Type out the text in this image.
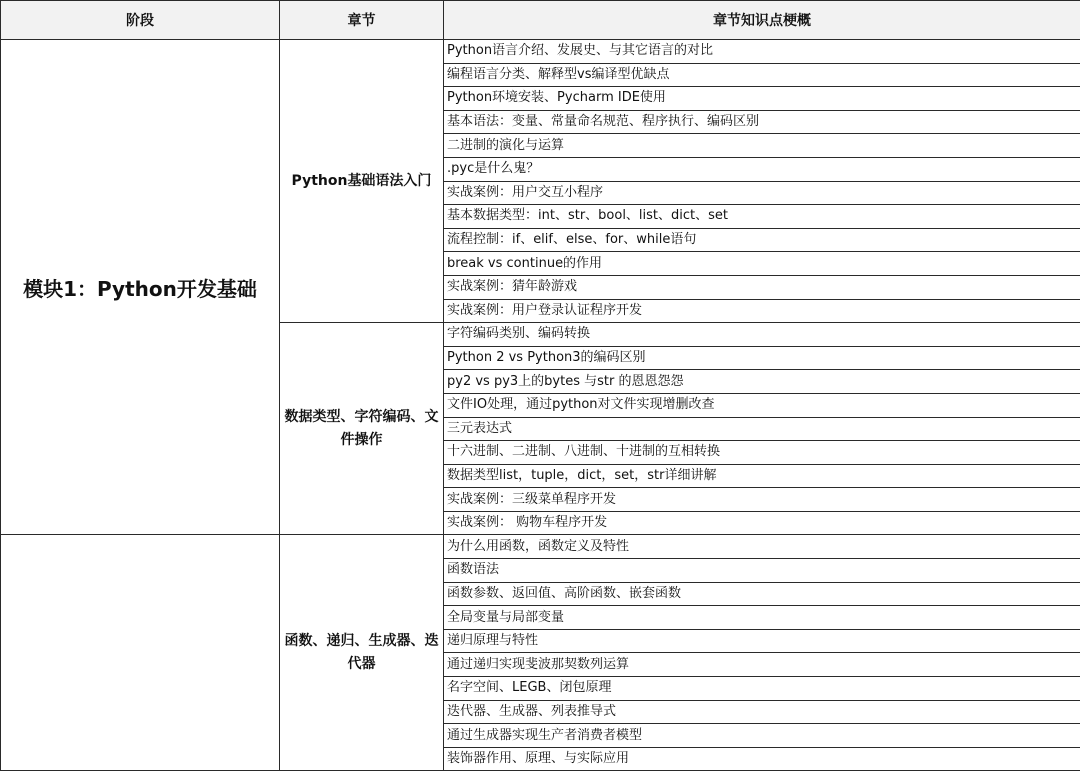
阶段	章节	章节知识点梗概
模块1：Python开发基础	Python基础语法入门	Python语言介绍、发展史、与其它语言的对比
		编程语言分类、解释型vs编译型优缺点
		Python环境安装、Pycharm IDE使用
		基本语法：变量、常量命名规范、程序执行、编码区别
		二进制的演化与运算
		.pyc是什么鬼？
		实战案例：用户交互小程序
		基本数据类型：int、str、bool、list、dict、set
		流程控制：if、elif、else、for、while语句
		break vs continue的作用
		实战案例：猜年龄游戏
		实战案例：用户登录认证程序开发
	数据类型、字符编码、文件操作	字符编码类别、编码转换
		Python 2 vs Python3的编码区别
		py2 vs py3上的bytes 与str 的恩恩怨怨
		文件IO处理，通过python对文件实现增删改查
		三元表达式
		十六进制、二进制、八进制、十进制的互相转换
		数据类型list，tuple，dict，set，str详细讲解
		实战案例：三级菜单程序开发
		实战案例： 购物车程序开发
	函数、递归、生成器、迭代器	为什么用函数，函数定义及特性
		函数语法
		函数参数、返回值、高阶函数、嵌套函数
		全局变量与局部变量
		递归原理与特性
		通过递归实现斐波那契数列运算
		名字空间、LEGB、闭包原理
		迭代器、生成器、列表推导式
		通过生成器实现生产者消费者模型
		装饰器作用、原理、与实际应用
